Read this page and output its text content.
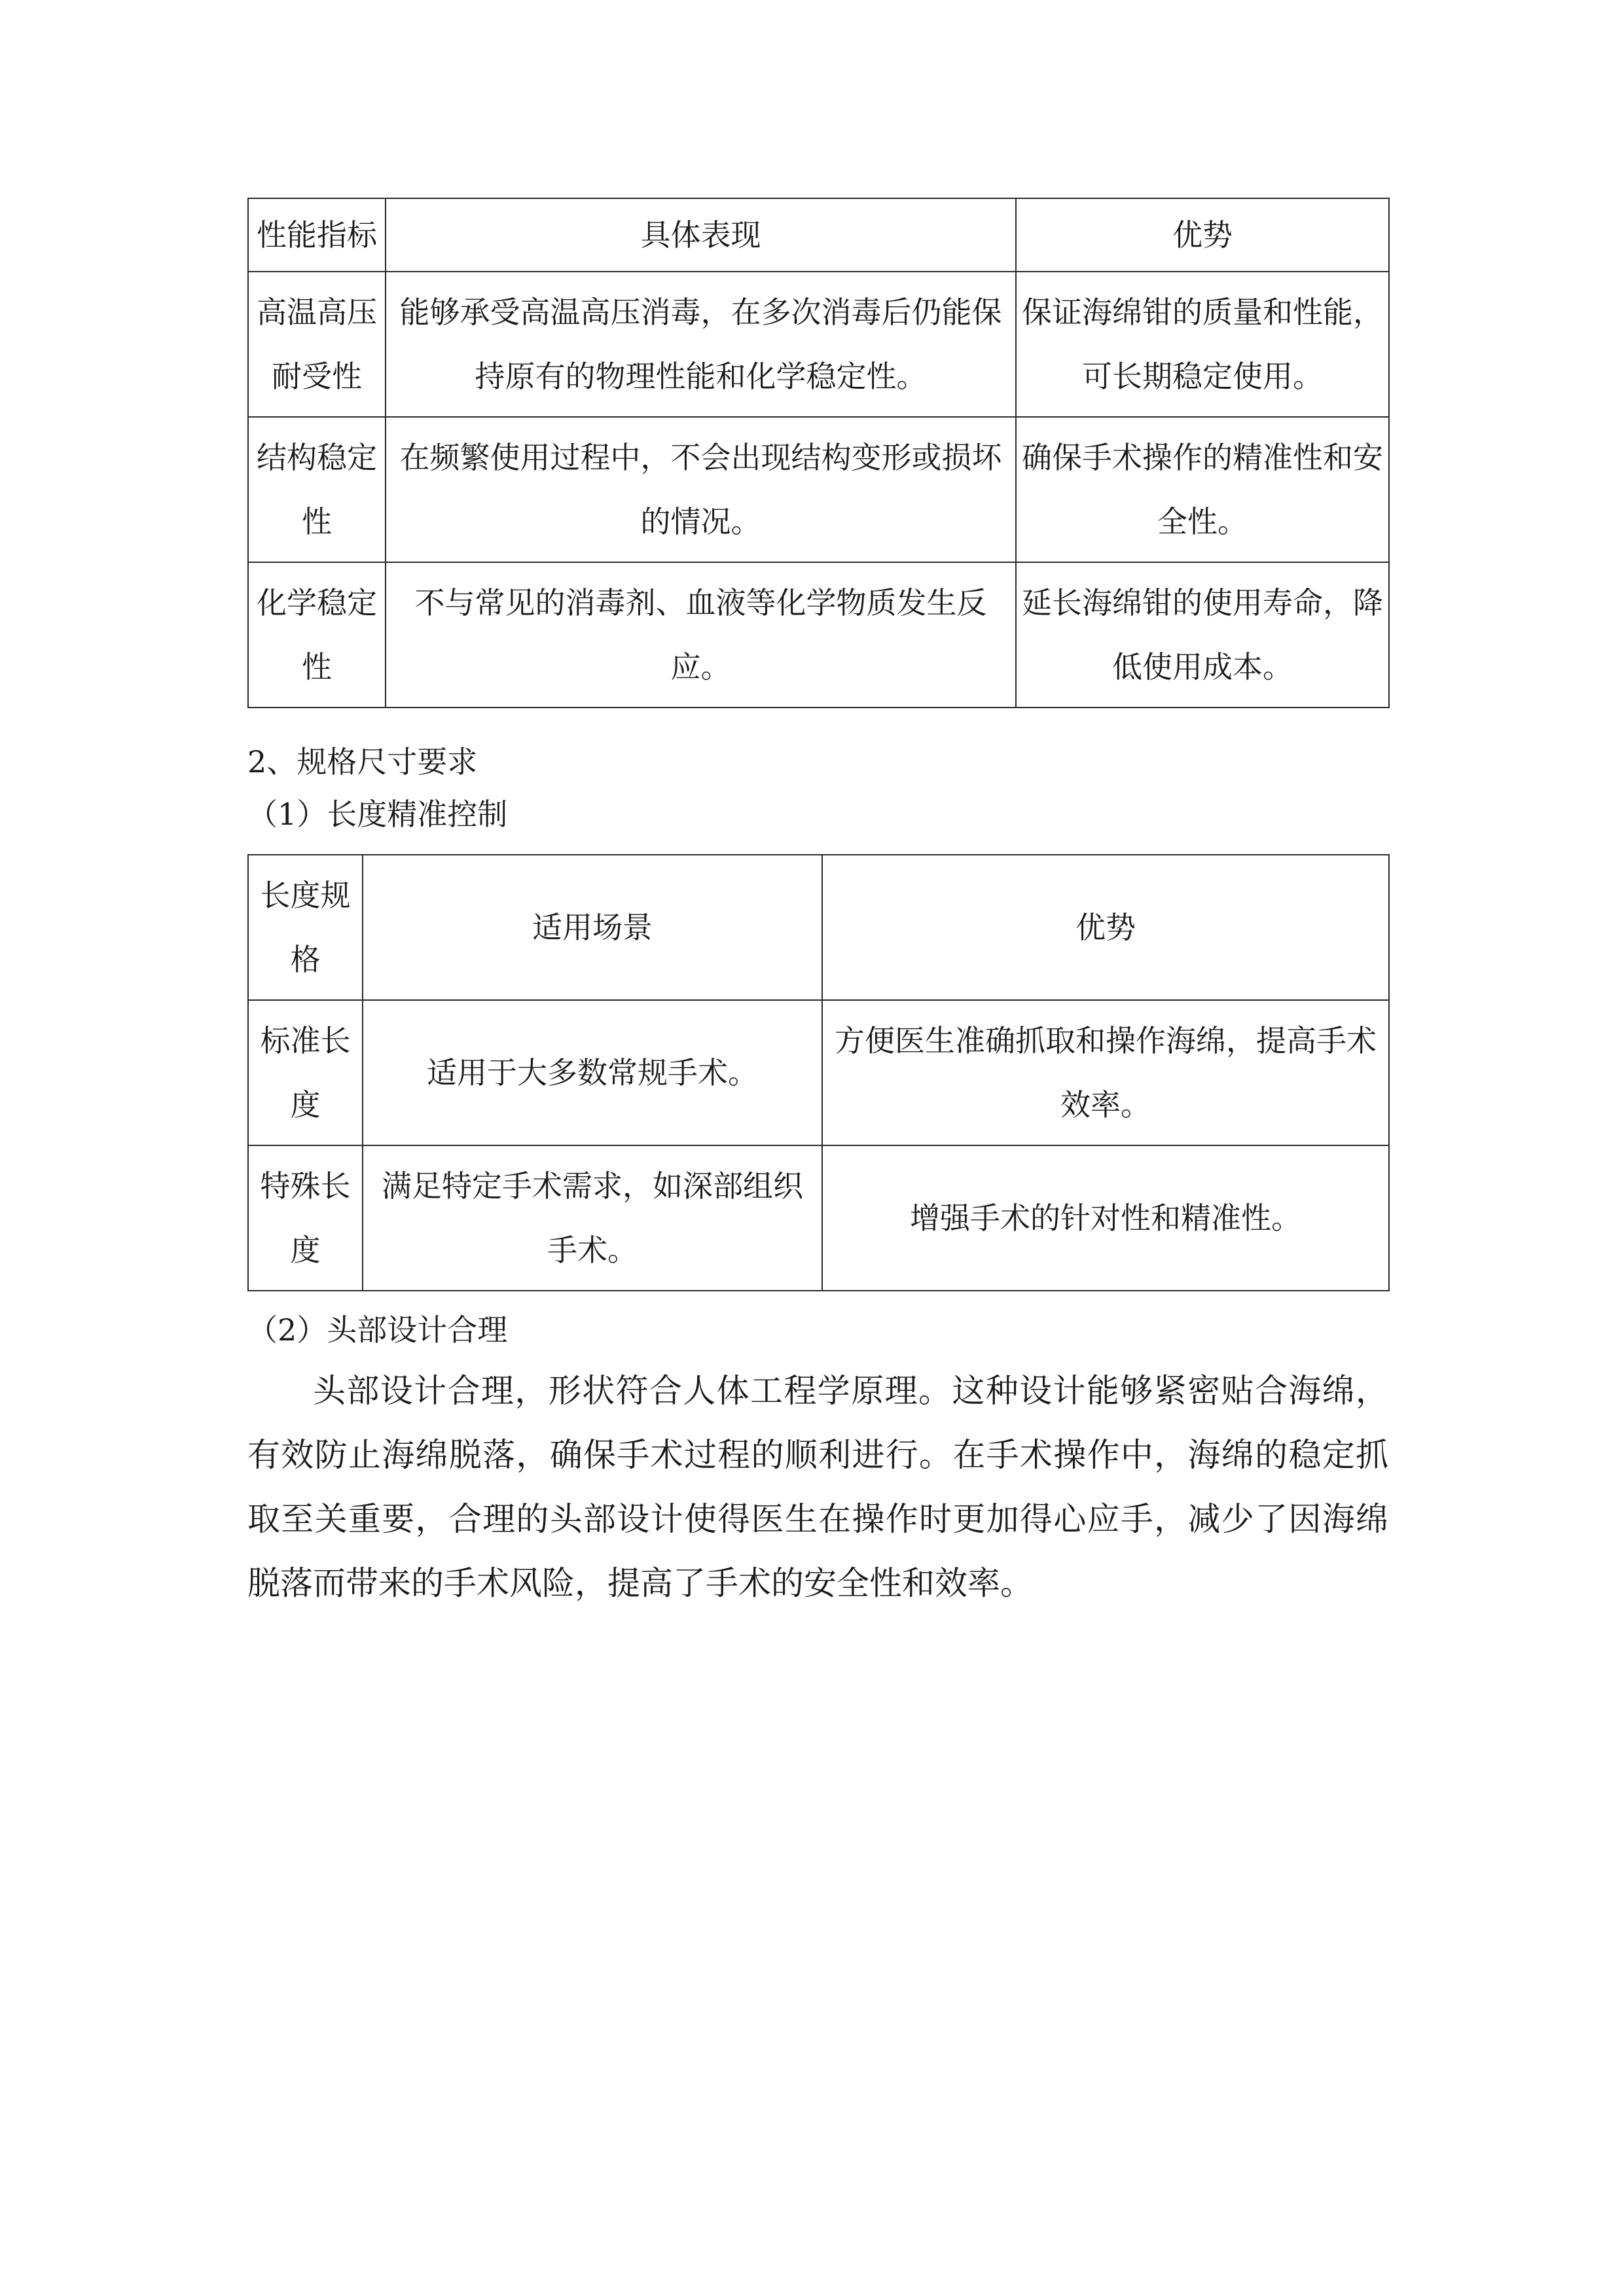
性能指标	具体表现	优势
高温高压耐受性	能够承受高温高压消毒，在多次消毒后仍能保持原有的物理性能和化学稳定性。	保证海绵钳的质量和性能，可长期稳定使用。
结构稳定性	在频繁使用过程中，不会出现结构变形或损坏的情况。	确保手术操作的精准性和安全性。
化学稳定性	不与常见的消毒剂、血液等化学物质发生反应。	延长海绵钳的使用寿命，降低使用成本。
2、规格尺寸要求
（1）长度精准控制
长度规格	适用场景	优势
标准长度	适用于大多数常规手术。	方便医生准确抓取和操作海绵，提高手术效率。
特殊长度	满足特定手术需求，如深部组织手术。	增强手术的针对性和精准性。
（2）头部设计合理

头部设计合理，形状符合人体工程学原理。这种设计能够紧密贴合海绵，有效防止海绵脱落，确保手术过程的顺利进行。在手术操作中，海绵的稳定抓取至关重要，合理的头部设计使得医生在操作时更加得心应手，减少了因海绵脱落而带来的手术风险，提高了手术的安全性和效率。
